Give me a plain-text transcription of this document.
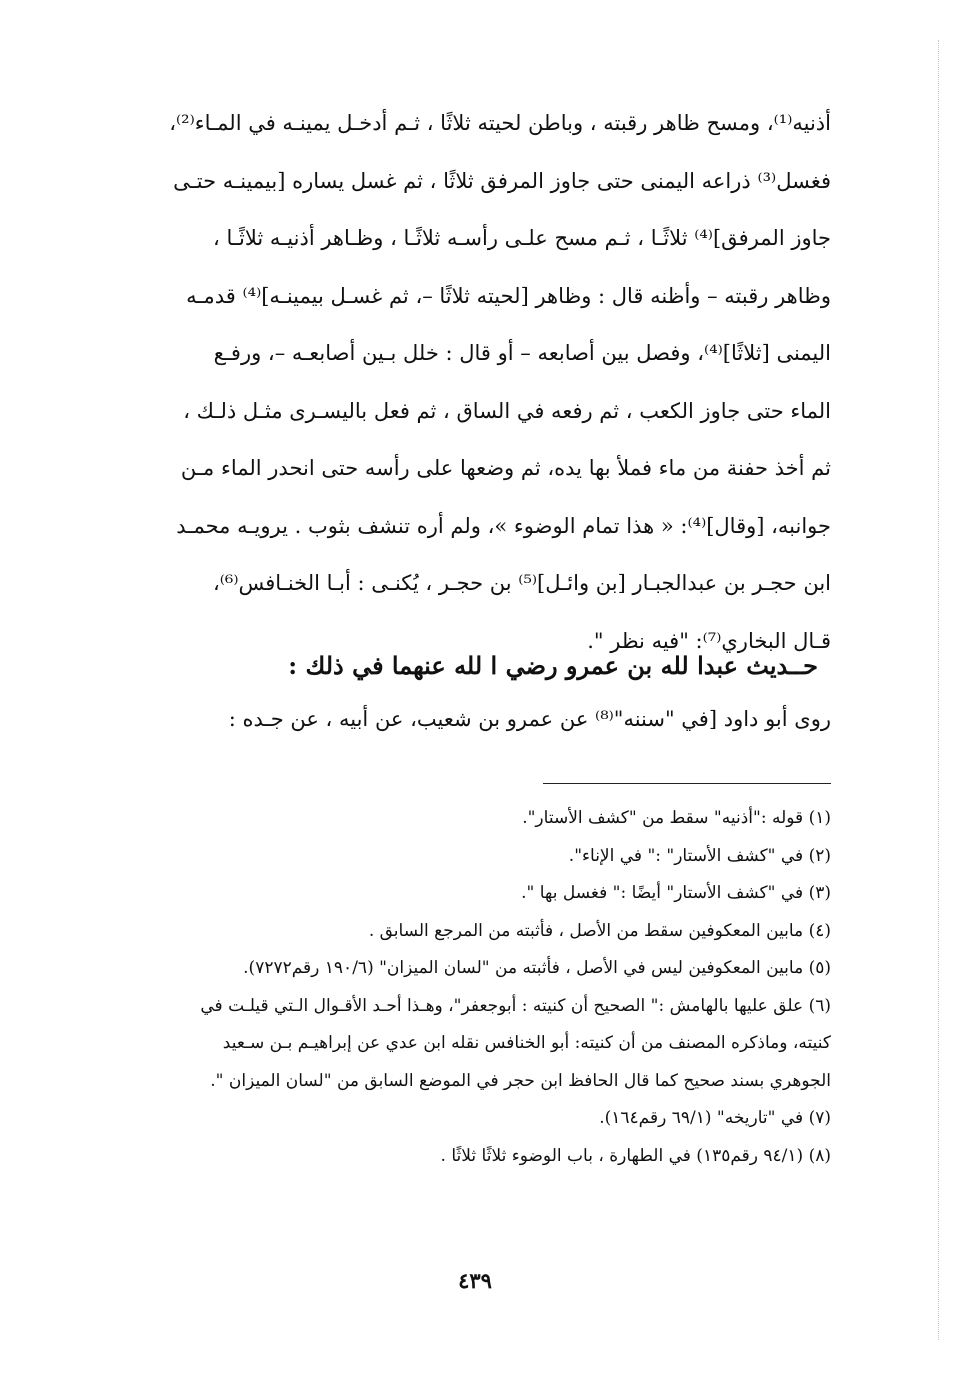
أذنيه⁽¹⁾، ومسح ظاهر رقبته ، وباطن لحيته ثلاثًا ، ثـم أدخـل يمينـه في المـاء⁽²⁾،

فغسل⁽³⁾ ذراعه اليمنى حتى جاوز المرفق ثلاثًا ، ثم غسل يساره [بيمينـه حتـى

جاوز المرفق]⁽⁴⁾ ثلاثًـا ، ثـم مسح علـى رأسـه ثلاثًـا ، وظـاهر أذنيـه ثلاثًـا ،

وظاهر رقبته – وأظنه قال : وظاهر [لحيته ثلاثًا –، ثم غسـل بيمينـه]⁽⁴⁾ قدمـه

اليمنى [ثلاثًا]⁽⁴⁾، وفصل بين أصابعه – أو قال : خلل بـين أصابعـه –، ورفـع

الماء حتى جاوز الكعب ، ثم رفعه في الساق ، ثم فعل باليسـرى مثـل ذلـك ،

ثم أخذ حفنة من ماء فملأ بها يده، ثم وضعها على رأسه حتى انحدر الماء مـن

جوانبه، [وقال]⁽⁴⁾: « هذا تمام الوضوء »، ولم أره تنشف بثوب . يرويـه محمـد

ابن حجـر بن عبدالجبـار [بن وائـل]⁽⁵⁾ بن حجـر ، يُكنـى : أبـا الخنـافس⁽⁶⁾،

قـال البخاري⁽⁷⁾: "فيه نظر ".

حــديث عبدا لله بن عمرو رضي ا لله عنهما في ذلك :
روى أبو داود [في "سننه"⁽⁸⁾ عن عمرو بن شعيب، عن أبيه ، عن جـده :

(١) قوله :"أذنيه" سقط من "كشف الأستار".

(٢) في "كشف الأستار" :" في الإناء".

(٣) في "كشف الأستار" أيضًا :" فغسل بها ".

(٤) مابين المعكوفين سقط من الأصل ، فأثبته من المرجع السابق .

(٥) مابين المعكوفين ليس في الأصل ، فأثبته من "لسان الميزان" (١٩٠/٦ رقم٧٢٧٢).

(٦) علق عليها بالهامش :" الصحيح أن كنيته : أبوجعفر"، وهـذا أحـد الأقـوال الـتي قيلـت في

كنيته، وماذكره المصنف من أن كنيته: أبو الخنافس نقله ابن عدي عن إبراهيـم بـن سـعيد

الجوهري بسند صحيح كما قال الحافظ ابن حجر في الموضع السابق من "لسان الميزان ".

(٧) في "تاريخه" (٦٩/١ رقم١٦٤).

(٨) (٩٤/١ رقم١٣٥) في الطهارة ، باب الوضوء ثلاثًا ثلاثًا .

٤٣٩
